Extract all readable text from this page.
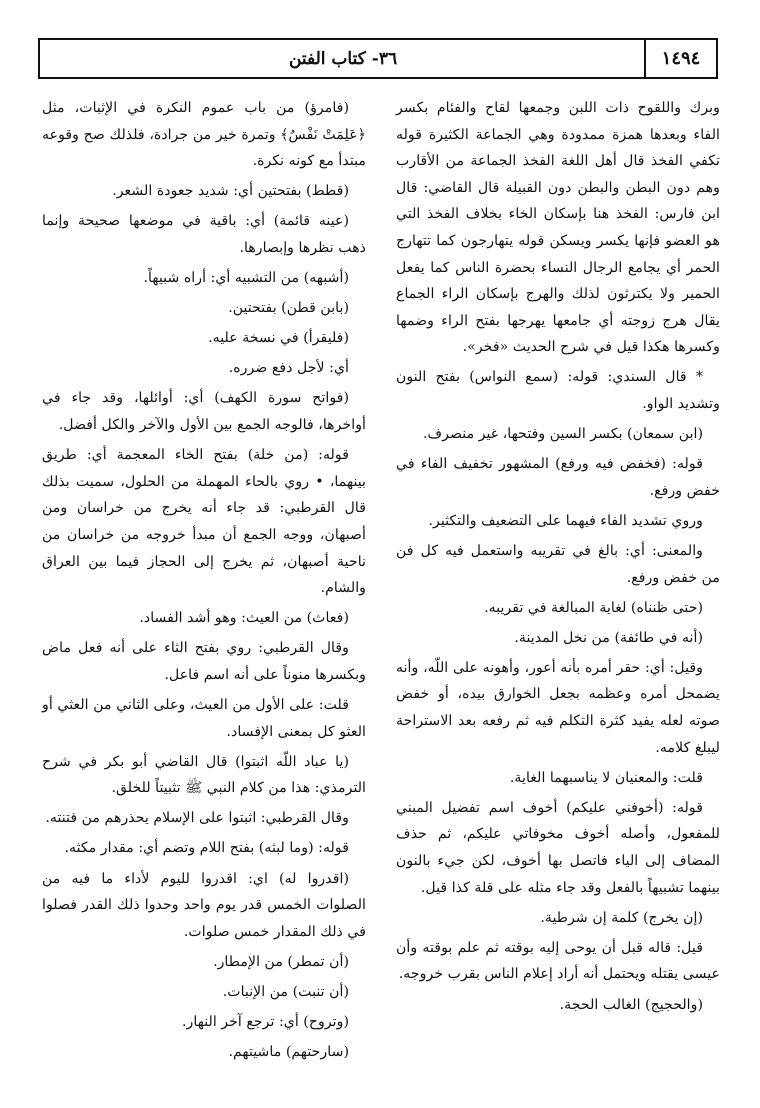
١٤٩٤
٣٦- كتاب الفتن

وبرك واللقوح ذات اللبن وجمعها لقاح والفئام بكسر الفاء وبعدها همزة ممدودة وهي الجماعة الكثيرة قوله تكفي الفخذ قال أهل اللغة الفخذ الجماعة من الأقارب وهم دون البطن والبطن دون القبيلة قال القاضي: قال ابن فارس: الفخذ هنا بإسكان الخاء بخلاف الفخذ التي هو العضو فإنها يكسر ويسكن قوله يتهارجون كما تتهارج الحمر أي يجامع الرجال النساء بحضرة الناس كما يفعل الحمير ولا يكترثون لذلك والهرج بإسكان الراء الجماع يقال هرج زوجته أي جامعها يهرجها بفتح الراء وضمها وكسرها هكذا قيل في شرح الحديث «فخر».

* قال السندي: قوله: (سمع النواس) بفتح النون وتشديد الواو.

(ابن سمعان) بكسر السين وفتحها، غير منصرف.

قوله: (فخفض فيه ورفع) المشهور تخفيف الفاء في خفض ورفع.

وروي تشديد الفاء فيهما على التضعيف والتكثير.

والمعنى: أي: بالغ في تقريبه واستعمل فيه كل فن من خفض ورفع.

(حتى ظنناه) لغاية المبالغة في تقريبه.

(أنه في طائفة) من نخل المدينة.

وقيل: أي: حقر أمره بأنه أعور، وأهونه على اللّه، وأنه يضمحل أمره وعظمه بجعل الخوارق بيده، أو خفض صوته لعله يفيد كثرة التكلم فيه ثم رفعه بعد الاستراحة ليبلغ كلامه.

قلت: والمعنيان لا يناسبهما الغاية.

قوله: (أخوفني عليكم) أخوف اسم تفضيل المبني للمفعول، وأصله أخوف مخوفاتي عليكم، ثم حذف المضاف إلى الياء فاتصل بها أخوف، لكن جيء بالنون بينهما تشبيهاً بالفعل وقد جاء مثله على قلة كذا قيل.

(إن يخرج) كلمة إن شرطية.

قيل: قاله قبل أن يوحى إليه بوقته ثم علم بوقته وأن عيسى يقتله ويحتمل أنه أراد إعلام الناس بقرب خروجه.

(والحجيج) الغالب الحجة.

(فامرؤ) من باب عموم النكرة في الإثبات، مثل ﴿عَلِمَتْ نَفْسٌ﴾ وتمرة خير من جرادة، فلذلك صح وقوعه مبتدأ مع كونه نكرة.

(قطط) بفتحتين أي: شديد جعودة الشعر.

(عينه قائمة) أي: باقية في موضعها صحيحة وإنما ذهب نظرها وإبصارها.

(أشبهه) من التشبيه أي: أراه شبيهاً.

(بابن قطن) بفتحتين.

(فليقرأ) في نسخة عليه.

أي: لأجل دفع ضرره.

(فواتح سورة الكهف) أي: أوائلها، وقد جاء في أواخرها، فالوجه الجمع بين الأول والآخر والكل أفضل.

قوله: (من خلة) بفتح الخاء المعجمة أي: طريق بينهما، • روي بالحاء المهملة من الحلول، سميت بذلك قال القرطبي: قد جاء أنه يخرج من خراسان ومن أصبهان، ووجه الجمع أن مبدأ خروجه من خراسان من ناحية أصبهان، ثم يخرج إلى الحجاز فيما بين العراق والشام.

(فعاث) من العيث: وهو أشد الفساد.

وقال القرطبي: روي بفتح الثاء على أنه فعل ماض وبكسرها منوناً على أنه اسم فاعل.

قلت: على الأول من العيث، وعلى الثاني من العثي أو العثو كل بمعنى الإفساد.

(يا عباد اللّه اثبتوا) قال القاضي أبو بكر في شرح الترمذي: هذا من كلام النبي ﷺ تثبيتاً للخلق.

وقال القرطبي: اثبتوا على الإسلام يحذرهم من فتنته.

قوله: (وما لبثه) بفتح اللام وتضم أي: مقدار مكثه.

(اقدروا له) اي: اقدروا لليوم لأداء ما فيه من الصلوات الخمس قدر يوم واحد وحدوا ذلك القدر فصلوا في ذلك المقدار خمس صلوات.

(أن تمطر) من الإمطار.

(أن تنبت) من الإنبات.

(وتروح) أي: ترجع آخر النهار.

(سارحتهم) ماشيتهم.
